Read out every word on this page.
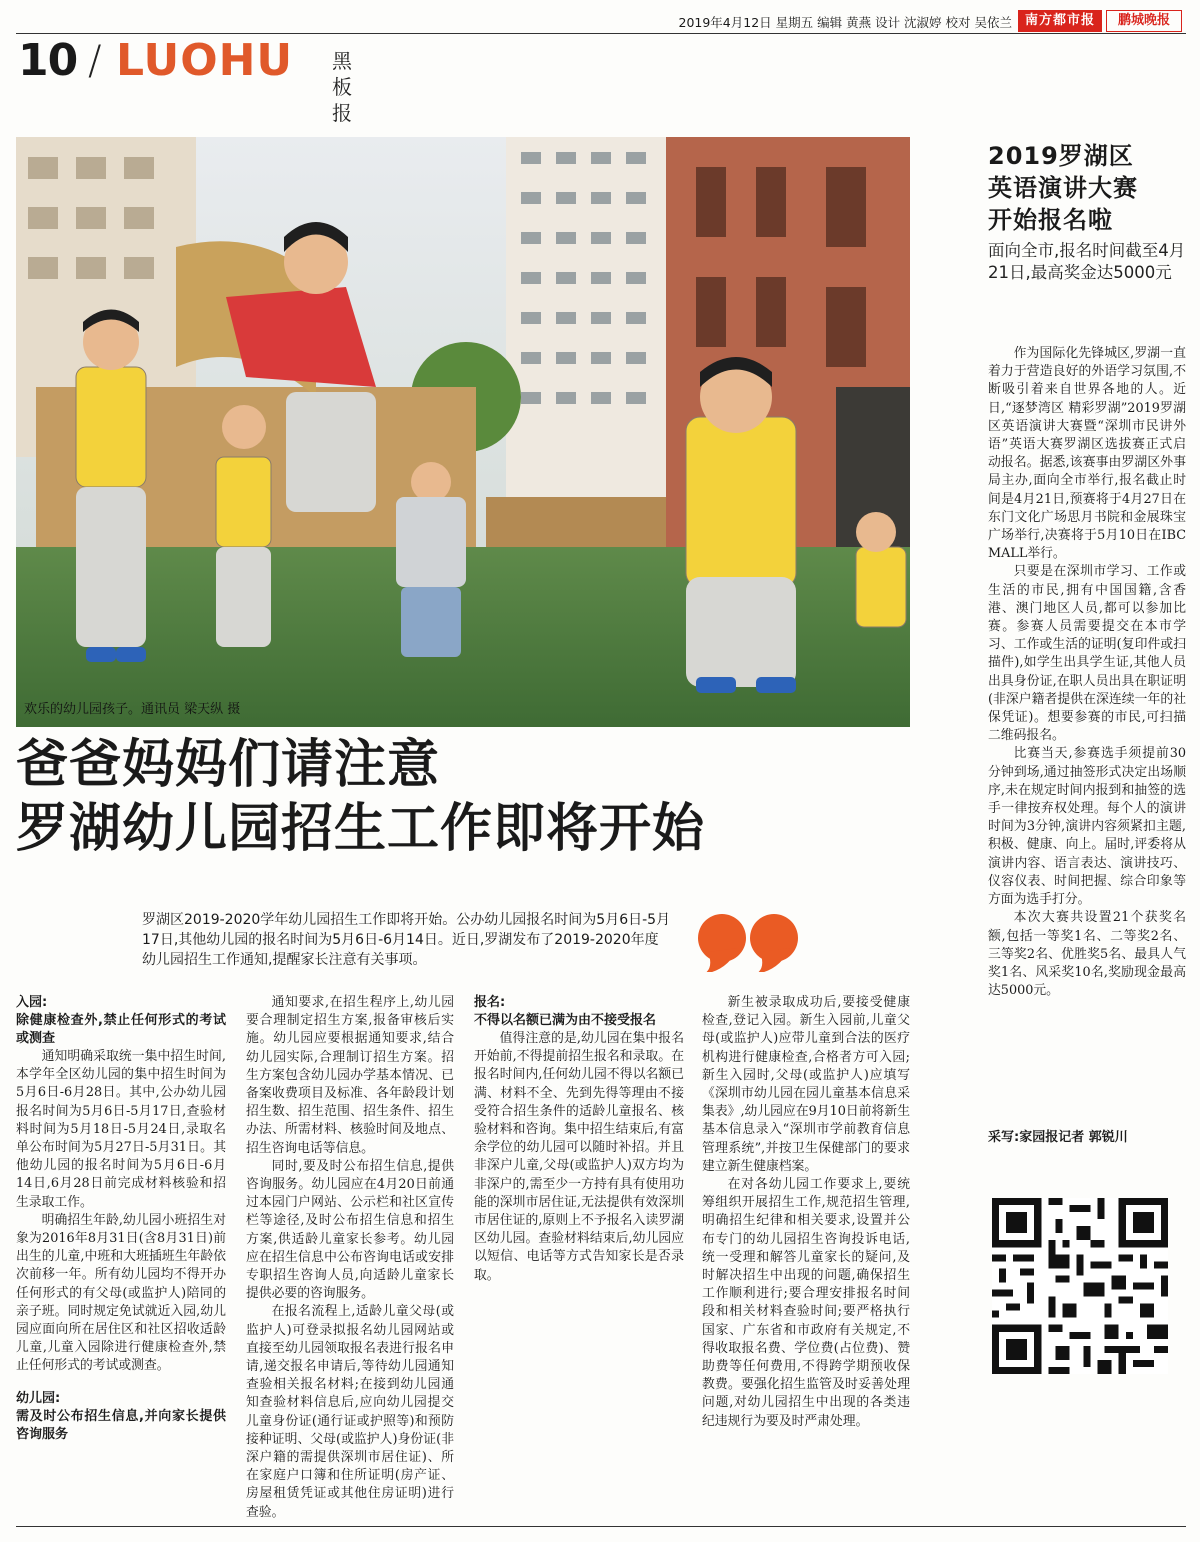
2019年4月12日 星期五 编辑 黄燕 设计 沈淑婷 校对 吴依兰 南方都市报	鹏城晚报
10 / LUOHU 黑板报
欢乐的幼儿园孩子。通讯员 梁天纵 摄
爸爸妈妈们请注意
罗湖幼儿园招生工作即将开始
罗湖区2019-2020学年幼儿园招生工作即将开始。公办幼儿园报名时间为5月6日-5月17日,其他幼儿园的报名时间为5月6日-6月14日。近日,罗湖发布了2019-2020年度幼儿园招生工作通知,提醒家长注意有关事项。
入园:
除健康检查外,禁止任何形式的考试或测查

通知明确采取统一集中招生时间,本学年全区幼儿园的集中招生时间为5月6日-6月28日。其中,公办幼儿园报名时间为5月6日-5月17日,查验材料时间为5月18日-5月24日,录取名单公布时间为5月27日-5月31日。其他幼儿园的报名时间为5月6日-6月14日,6月28日前完成材料核验和招生录取工作。

明确招生年龄,幼儿园小班招生对象为2016年8月31日(含8月31日)前出生的儿童,中班和大班插班生年龄依次前移一年。所有幼儿园均不得开办任何形式的有父母(或监护人)陪同的亲子班。同时规定免试就近入园,幼儿园应面向所在居住区和社区招收适龄儿童,儿童入园除进行健康检查外,禁止任何形式的考试或测查。

幼儿园:
需及时公布招生信息,并向家长提供咨询服务

通知要求,在招生程序上,幼儿园要合理制定招生方案,报备审核后实施。幼儿园应要根据通知要求,结合幼儿园实际,合理制订招生方案。招生方案包含幼儿园办学基本情况、已备案收费项目及标准、各年龄段计划招生数、招生范围、招生条件、招生办法、所需材料、核验时间及地点、招生咨询电话等信息。

同时,要及时公布招生信息,提供咨询服务。幼儿园应在4月20日前通过本园门户网站、公示栏和社区宣传栏等途径,及时公布招生信息和招生方案,供适龄儿童家长参考。幼儿园应在招生信息中公布咨询电话或安排专职招生咨询人员,向适龄儿童家长提供必要的咨询服务。

在报名流程上,适龄儿童父母(或监护人)可登录拟报名幼儿园网站或直接至幼儿园领取报名表进行报名申请,递交报名申请后,等待幼儿园通知查验相关报名材料;在接到幼儿园通知查验材料信息后,应向幼儿园提交儿童身份证(通行证或护照等)和预防接种证明、父母(或监护人)身份证(非深户籍的需提供深圳市居住证)、所在家庭户口簿和住所证明(房产证、房屋租赁凭证或其他住房证明)进行查验。

报名:
不得以名额已满为由不接受报名

值得注意的是,幼儿园在集中报名开始前,不得提前招生报名和录取。在报名时间内,任何幼儿园不得以名额已满、材料不全、先到先得等理由不接受符合招生条件的适龄儿童报名、核验材料和咨询。集中招生结束后,有富余学位的幼儿园可以随时补招。并且非深户儿童,父母(或监护人)双方均为非深户的,需至少一方持有具有使用功能的深圳市居住证,无法提供有效深圳市居住证的,原则上不予报名入读罗湖区幼儿园。查验材料结束后,幼儿园应以短信、电话等方式告知家长是否录取。

新生被录取成功后,要接受健康检查,登记入园。新生入园前,儿童父母(或监护人)应带儿童到合法的医疗机构进行健康检查,合格者方可入园;新生入园时,父母(或监护人)应填写《深圳市幼儿园在园儿童基本信息采集表》,幼儿园应在9月10日前将新生基本信息录入“深圳市学前教育信息管理系统”,并按卫生保健部门的要求建立新生健康档案。

在对各幼儿园工作要求上,要统筹组织开展招生工作,规范招生管理,明确招生纪律和相关要求,设置并公布专门的幼儿园招生咨询投诉电话,统一受理和解答儿童家长的疑问,及时解决招生中出现的问题,确保招生工作顺利进行;要合理安排报名时间段和相关材料查验时间;要严格执行国家、广东省和市政府有关规定,不得收取报名费、学位费(占位费)、赞助费等任何费用,不得跨学期预收保教费。要强化招生监管及时妥善处理问题,对幼儿园招生中出现的各类违纪违规行为要及时严肃处理。

2019罗湖区
英语演讲大赛
开始报名啦
面向全市,报名时间截至4月21日,最高奖金达5000元

作为国际化先锋城区,罗湖一直着力于营造良好的外语学习氛围,不断吸引着来自世界各地的人。近日,“逐梦湾区 精彩罗湖”2019罗湖区英语演讲大赛暨“深圳市民讲外语”英语大赛罗湖区选拔赛正式启动报名。据悉,该赛事由罗湖区外事局主办,面向全市举行,报名截止时间是4月21日,预赛将于4月27日在东门文化广场思月书院和金展珠宝广场举行,决赛将于5月10日在IBC MALL举行。

只要是在深圳市学习、工作或生活的市民,拥有中国国籍,含香港、澳门地区人员,都可以参加比赛。参赛人员需要提交在本市学习、工作或生活的证明(复印件或扫描件),如学生出具学生证,其他人员出具身份证,在职人员出具在职证明(非深户籍者提供在深连续一年的社保凭证)。想要参赛的市民,可扫描二维码报名。

比赛当天,参赛选手须提前30分钟到场,通过抽签形式决定出场顺序,未在规定时间内报到和抽签的选手一律按弃权处理。每个人的演讲时间为3分钟,演讲内容须紧扣主题,积极、健康、向上。届时,评委将从演讲内容、语言表达、演讲技巧、仪容仪表、时间把握、综合印象等方面为选手打分。

本次大赛共设置21个获奖名额,包括一等奖1名、二等奖2名、三等奖2名、优胜奖5名、最具人气奖1名、风采奖10名,奖励现金最高达5000元。

采写:家园报记者 郭锐川
